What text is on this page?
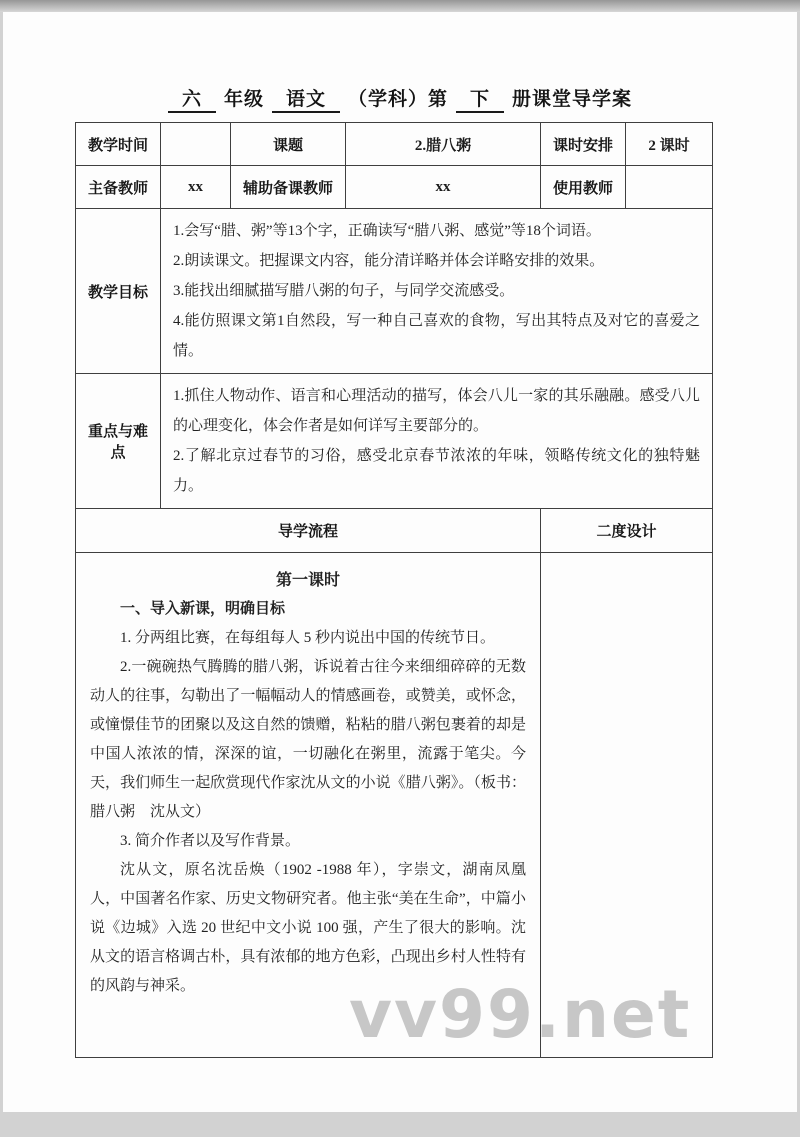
六 年级 语文 （学科）第 下 册课堂导学案
教学时间		课题	2.腊八粥	课时安排	2 课时
主备教师	xx	辅助备课教师	xx	使用教师	
教学目标	1.会写“腊、粥”等13个字，正确读写“腊八粥、感觉”等18个词语。

2.朗读课文。把握课文内容，能分清详略并体会详略安排的效果。

3.能找出细腻描写腊八粥的句子，与同学交流感受。

4.能仿照课文第1自然段，写一种自己喜欢的食物，写出其特点及对它的喜爱之情。				

重点与难点	1.抓住人物动作、语言和心理活动的描写，体会八儿一家的其乐融融。感受八儿的心理变化，体会作者是如何详写主要部分的。

2.了解北京过春节的习俗，感受北京春节浓浓的年味，领略传统文化的独特魅力。				

导学流程				二度设计	

第一课时
一、导入新课，明确目标

1. 分两组比赛，在每组每人 5 秒内说出中国的传统节日。

2.一碗碗热气腾腾的腊八粥，诉说着古往今来细细碎碎的无数动人的往事，勾勒出了一幅幅动人的情感画卷，或赞美，或怀念，或憧憬佳节的团聚以及这自然的馈赠，粘粘的腊八粥包裹着的却是中国人浓浓的情，深深的谊，一切融化在粥里，流露于笔尖。今天，我们师生一起欣赏现代作家沈从文的小说《腊八粥》。（板书：腊八粥　沈从文）

3. 简介作者以及写作背景。

沈从文，原名沈岳焕（1902 -1988 年），字崇文，湖南凤凰人，中国著名作家、历史文物研究者。他主张“美在生命”，中篇小说《边城》入选 20 世纪中文小说 100 强，产生了很大的影响。沈从文的语言格调古朴，具有浓郁的地方色彩，凸现出乡村人性特有的风韵与神采。

		vv99.net
